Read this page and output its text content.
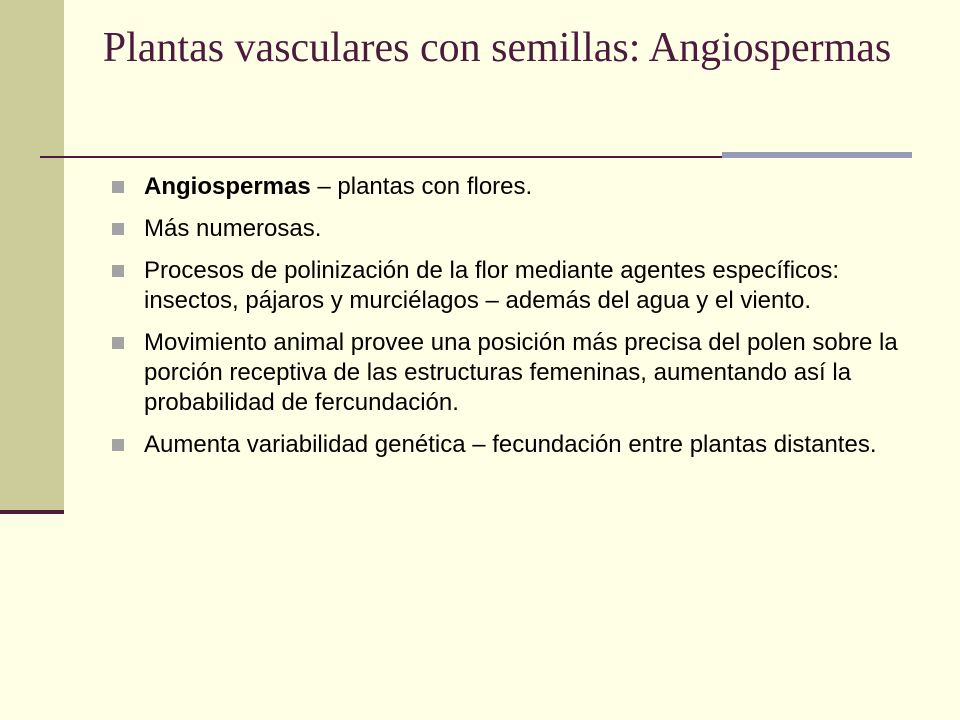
Plantas vasculares con semillas: Angiospermas
Angiospermas – plantas con flores.
Más numerosas.
Procesos de polinización de la flor mediante agentes específicos: insectos, pájaros y murciélagos – además del agua y el viento.
Movimiento animal provee una posición más precisa del polen sobre la porción receptiva de las estructuras femeninas, aumentando así la probabilidad de fercundación.
Aumenta variabilidad genética – fecundación entre plantas distantes.
